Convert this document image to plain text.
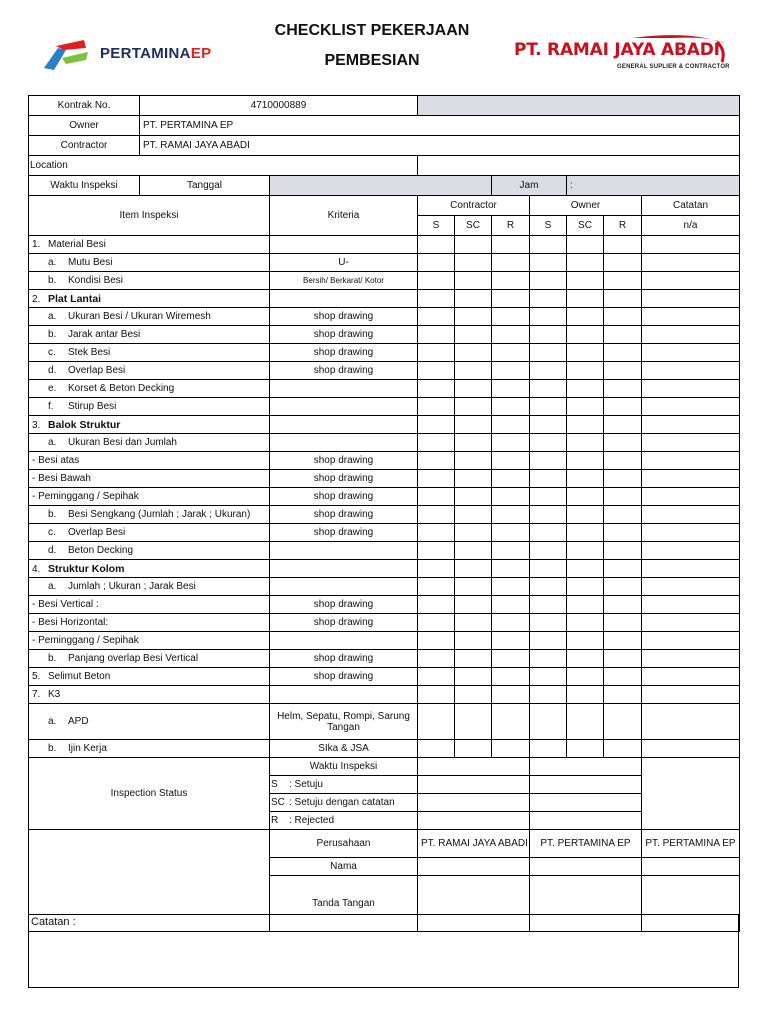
PERTAMINAEP
CHECKLIST PEKERJAAN
PEMBESIAN
PT. RAMAI JAYA ABADI
GENERAL SUPLIER & CONTRACTOR
Kontrak No.	4710000889								
Owner	PT. PERTAMINA EP								
Contractor	PT. RAMAI JAYA ABADI								
Location									
Waktu Inspeksi	Tanggal				Jam		:		
Item Inspeksi		Kriteria	Contractor			Owner			Catatan
			S	SC	R	S	SC	R	n/a
1. Material Besi									
a. Mutu Besi		U-							
b. Kondisi Besi		Bersih/ Berkarat/ Kotor							
2. Plat Lantai									
a. Ukuran Besi / Ukuran Wiremesh		shop drawing							
b. Jarak antar Besi		shop drawing							
c. Stek Besi		shop drawing							
d. Overlap Besi		shop drawing							
e. Korset & Beton Decking									
f. Stirup Besi									
3. Balok Struktur									
a. Ukuran Besi dan Jumlah									
- Besi atas		shop drawing							
- Besi Bawah		shop drawing							
- Peminggang / Sepihak		shop drawing							
b. Besi Sengkang (Jumlah ; Jarak ; Ukuran)		shop drawing							
c. Overlap Besi		shop drawing							
d. Beton Decking									
4. Struktur Kolom									
a. Jumlah ; Ukuran ; Jarak Besi									
- Besi Vertical :		shop drawing							
- Besi Horizontal:		shop drawing							
- Peminggang / Sepihak									
b. Panjang overlap Besi Vertical		shop drawing							
5. Selimut Beton		shop drawing							
7. K3									
a. APD		Helm, Sepatu, Rompi, Sarung Tangan							
b. Ijin Kerja		SIka & JSA							
Inspection Status		Waktu Inspeksi							
		S : Setuju							
		SC : Setuju dengan catatan							
		R : Rejected							
		Perusahaan	PT. RAMAI JAYA ABADI			PT. PERTAMINA EP			PT. PERTAMINA EP
		Nama							
		Tanda Tangan							
Catatan :
